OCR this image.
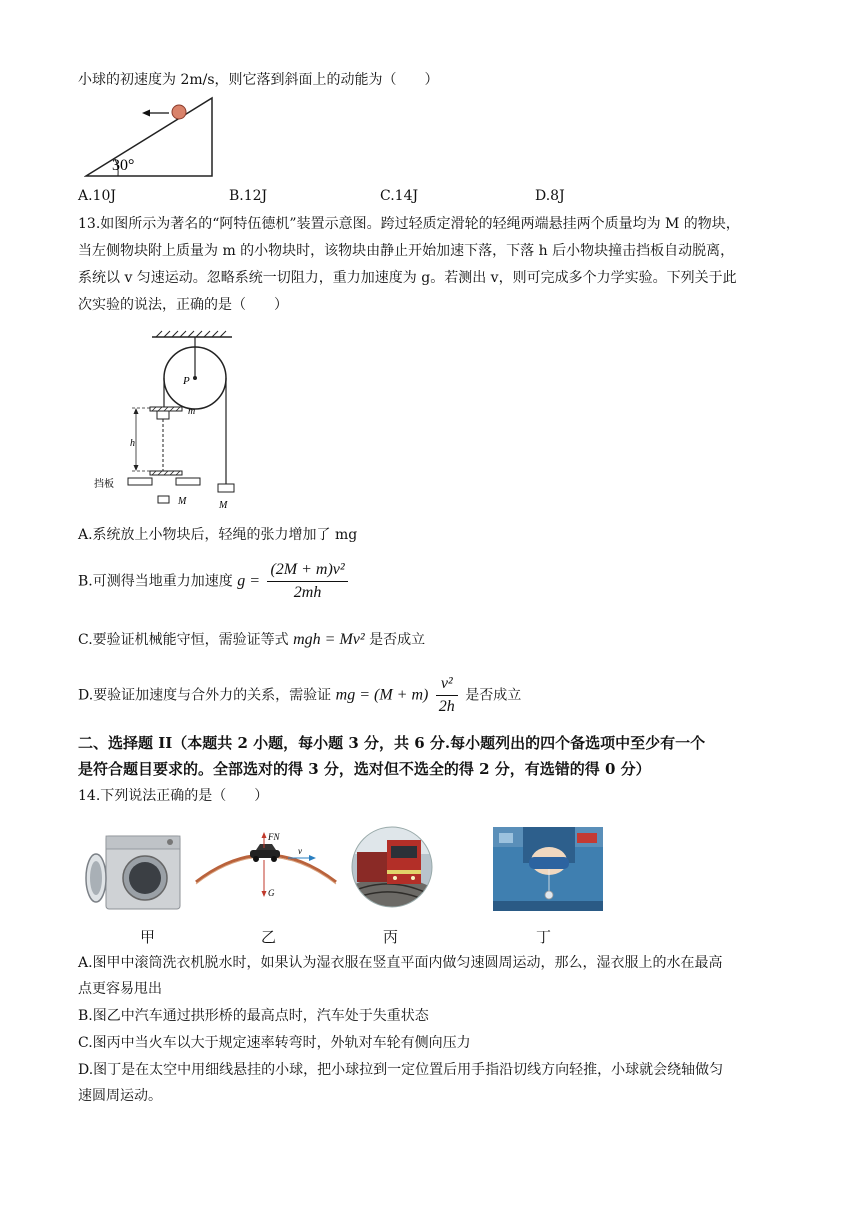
小球的初速度为 2m/s，则它落到斜面上的动能为（　　）
30°
A.10J	B.12J	C.14J	D.8J
13.如图所示为著名的“阿特伍德机”装置示意图。跨过轻质定滑轮的轻绳两端悬挂两个质量均为 M 的物块，
当左侧物块附上质量为 m 的小物块时，该物块由静止开始加速下落，下落 h 后小物块撞击挡板自动脱离，
系统以 v 匀速运动。忽略系统一切阻力，重力加速度为 g。若测出 v，则可完成多个力学实验。下列关于此
次实验的说法，正确的是（　　）
P
m
h
挡板
M	M
A.系统放上小物块后，轻绳的张力增加了 mg
B.可测得当地重力加速度 $g = \frac{\text{(2M + m)v²}}{2mh}$
C.要验证机械能守恒，需验证等式 mgh = Mv² 是否成立
D.要验证加速度与合外力的关系，需验证 mg = $(M + m) \frac{\text{v²}}{2h}$ 是否成立
二、选择题 II（本题共 2 小题，每小题 3 分，共 6 分.每小题列出的四个备选项中至少有一个
是符合题目要求的。全部选对的得 3 分，选对但不选全的得 2 分，有选错的得 0 分）
14.下列说法正确的是（　　）
FN
G
v
甲	乙	丙	丁
A.图甲中滚筒洗衣机脱水时，如果认为湿衣服在竖直平面内做匀速圆周运动，那么，湿衣服上的水在最高
点更容易甩出
B.图乙中汽车通过拱形桥的最高点时，汽车处于失重状态
C.图丙中当火车以大于规定速率转弯时，外轨对车轮有侧向压力
D.图丁是在太空中用细线悬挂的小球，把小球拉到一定位置后用手指沿切线方向轻推，小球就会绕轴做匀
速圆周运动。
